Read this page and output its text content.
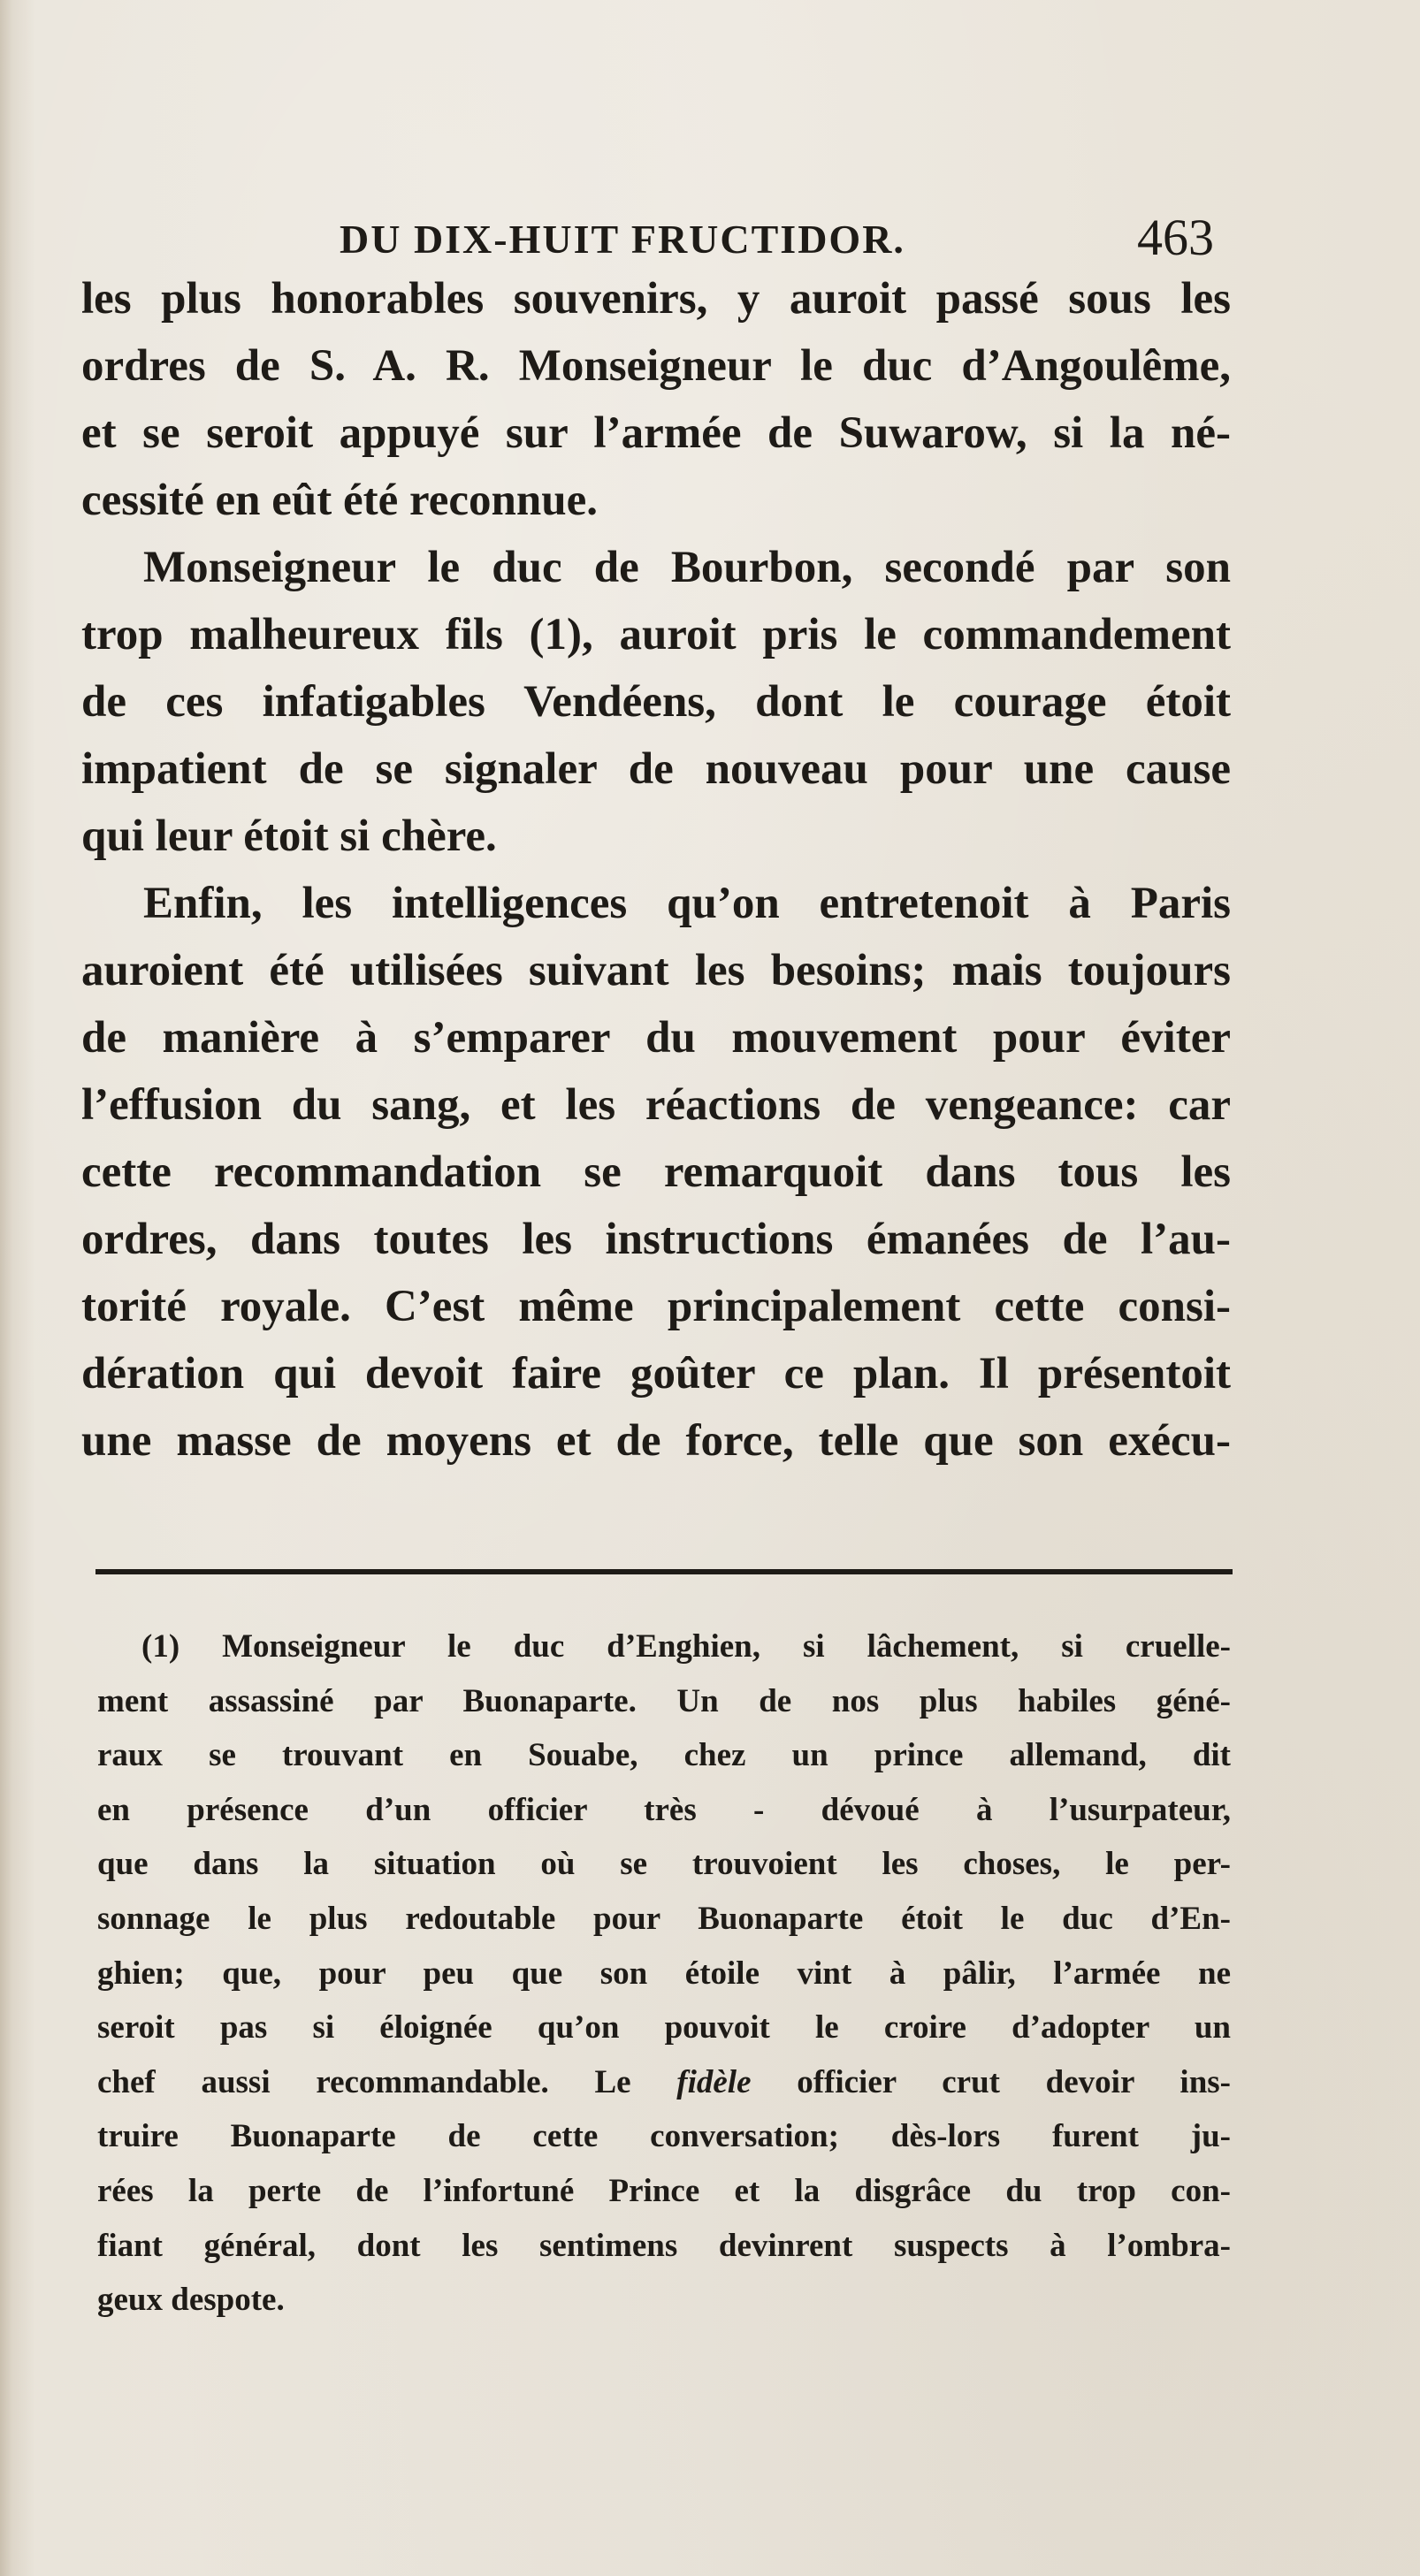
DU DIX-HUIT FRUCTIDOR.	463
les plus honorables souvenirs, y auroit passé sous les
ordres de S. A. R. Monseigneur le duc d’Angoulême,
et se seroit appuyé sur l’armée de Suwarow, si la né-
cessité en eût été reconnue.
Monseigneur le duc de Bourbon, secondé par son
trop malheureux fils (1), auroit pris le commandement
de ces infatigables Vendéens, dont le courage étoit
impatient de se signaler de nouveau pour une cause
qui leur étoit si chère.
Enfin, les intelligences qu’on entretenoit à Paris
auroient été utilisées suivant les besoins; mais toujours
de manière à s’emparer du mouvement pour éviter
l’effusion du sang, et les réactions de vengeance: car
cette recommandation se remarquoit dans tous les
ordres, dans toutes les instructions émanées de l’au-
torité royale. C’est même principalement cette consi-
dération qui devoit faire goûter ce plan. Il présentoit
une masse de moyens et de force, telle que son exécu-
(1) Monseigneur le duc d’Enghien, si lâchement, si cruelle-
ment assassiné par Buonaparte. Un de nos plus habiles géné-
raux se trouvant en Souabe, chez un prince allemand, dit
en présence d’un officier très - dévoué à l’usurpateur,
que dans la situation où se trouvoient les choses, le per-
sonnage le plus redoutable pour Buonaparte étoit le duc d’En-
ghien; que, pour peu que son étoile vint à pâlir, l’armée ne
seroit pas si éloignée qu’on pouvoit le croire d’adopter un
chef aussi recommandable. Le fidèle officier crut devoir ins-
truire Buonaparte de cette conversation; dès-lors furent ju-
rées la perte de l’infortuné Prince et la disgrâce du trop con-
fiant général, dont les sentimens devinrent suspects à l’ombra-
geux despote.
